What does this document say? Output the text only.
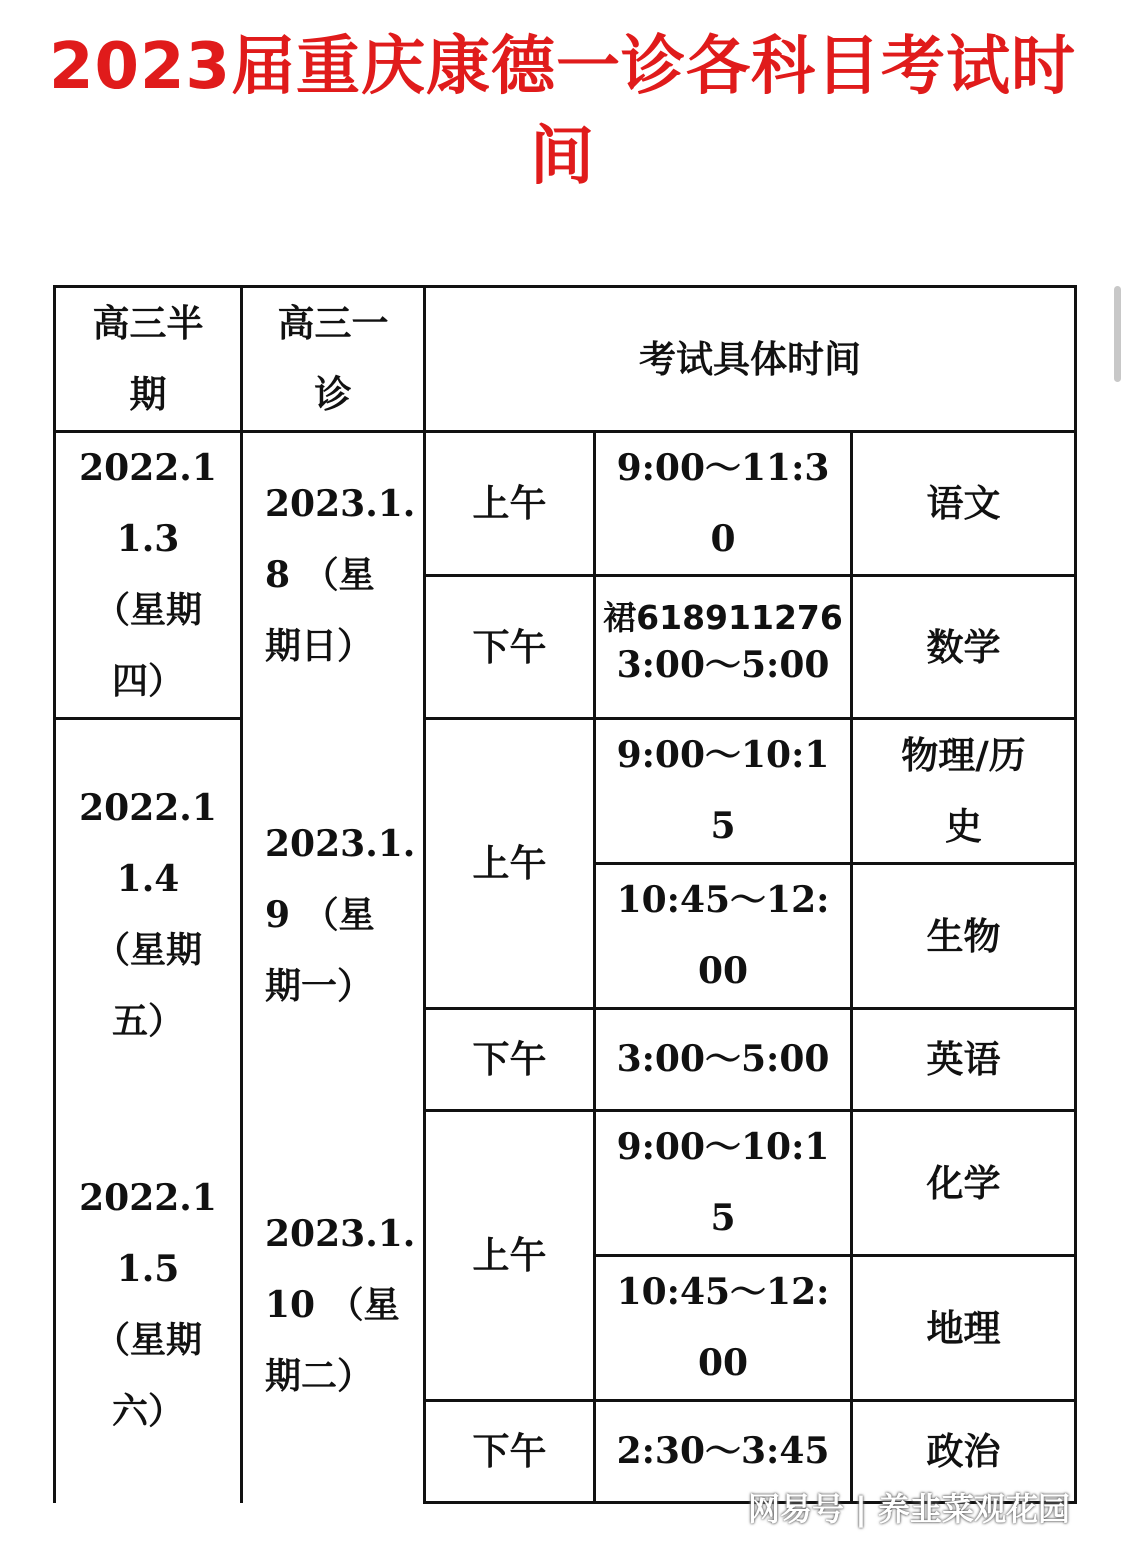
2023届重庆康德一诊各科目考试时
间
高三半
期
高三一
诊
考试具体时间
2022.1
1.3
（星期
四）
2022.1
1.4
（星期
五）
2022.1
1.5
（星期
六）
2023.1.
8 （星
期日）
2023.1.
9 （星
期一）
2023.1.
10 （星
期二）
上午
下午
上午
下午
上午
下午
9:00～11:3
0
裙618911276
3:00～5:00
9:00～10:1
5
10:45～12:
00
3:00～5:00
9:00～10:1
5
10:45～12:
00
2:30～3:45
语文
数学
物理/历
史
生物
英语
化学
地理
政治
网易号 | 养韭菜观花园
